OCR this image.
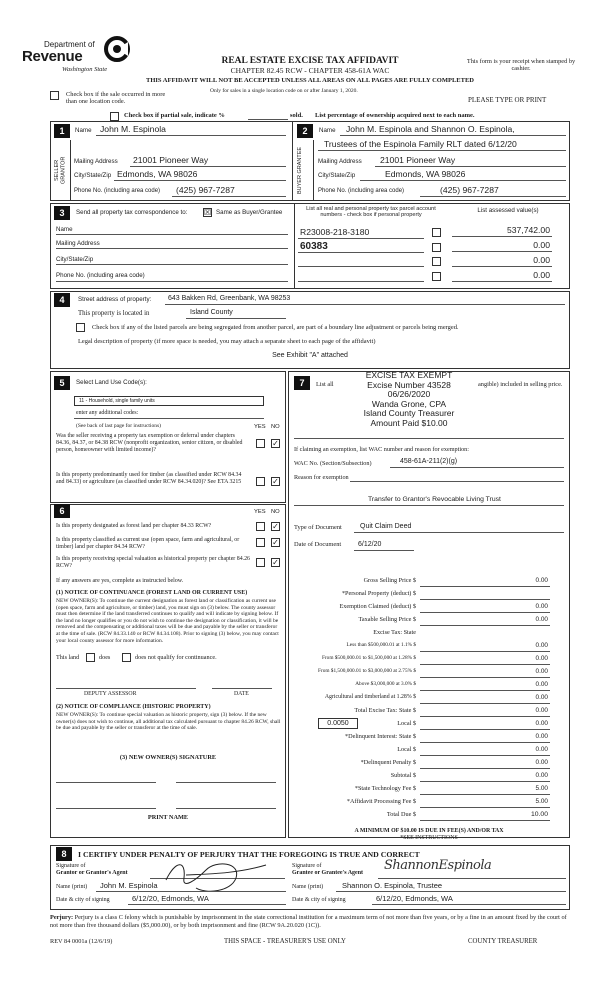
Department of
Revenue
Washington State
REAL ESTATE EXCISE TAX AFFIDAVIT
CHAPTER 82.45 RCW - CHAPTER 458-61A WAC
THIS AFFIDAVIT WILL NOT BE ACCEPTED UNLESS ALL AREAS ON ALL PAGES ARE FULLY COMPLETED
This form is your receipt when stamped by cashier.
PLEASE TYPE OR PRINT
Check box if the sale occurred in more than one location code.
Only for sales in a single location code on or after January 1, 2020.
Check box if partial sale, indicate %	sold. List percentage of ownership acquired next to each name.
1	Name John M. Espinola
SELLER GRANTOR Mailing Address 21001 Pioneer Way
City/State/Zip Edmonds, WA 98026
Phone No. (including area code) (425) 967-7287
2	Name John M. Espinola and Shannon O. Espinola,
Trustees of the Espinola Family RLT dated 6/12/20
BUYER GRANTEE	Mailing Address 21001 Pioneer Way
City/State/Zip	Edmonds, WA 98026
Phone No. (including area code)	(425) 967-7287
3	Send all property tax correspondence to: ☒ Same as Buyer/Grantee	List all real and personal property tax parcel account numbers - check box if personal property
List assessed value(s)
Name
Mailing Address
City/State/Zip
Phone No. (including area code)
R23008-218-3180	537,742.00
60383	0.00
0.00
0.00
4	Street address of property: 643 Bakken Rd, Greenbank, WA 98253
This property is located in	Island County
Check box if any of the listed parcels are being segregated from another parcel, are part of a boundary line adjustment or parcels being merged.
Legal description of property (if more space is needed, you may attach a separate sheet to each page of the affidavit)
See Exhibit "A" attached
5	Select Land Use Code(s):
11 - Household, single family units
enter any additional codes:
(See back of last page for instructions)	YES NO
Was the seller receiving a property tax exemption or deferral under chapters 84.36, 84.37, or 84.38 RCW (nonprofit organization, senior citizen, or disabled person, homeowner with limited income)?
✓
Is this property predominantly used for timber (as classified under RCW 84.34 and 84.33) or agriculture (as classified under RCW 84.34.020)? See ETA 3215	✓
6	YES NO
Is this property designated as forest land per chapter 84.33 RCW?	✓
Is this property classified as current use (open space, farm and agricultural, or timber) land per chapter 84.34 RCW?	✓
Is this property receiving special valuation as historical property per chapter 84.26 RCW?	✓
If any answers are yes, complete as instructed below.
(1) NOTICE OF CONTINUANCE (FOREST LAND OR CURRENT USE)
NEW OWNER(S): To continue the current designation as forest land or classification as current use (open space, farm and agriculture, or timber) land, you must sign on (3) below. The county assessor must then determine if the land transferred continues to qualify and will indicate by signing below. If the land no longer qualifies or you do not wish to continue the designation or classification, it will be removed and the compensating or additional taxes will be due and payable by the seller or transferor at the time of sale. (RCW 84.33.140 or RCW 84.34.108). Prior to signing (3) below, you may contact your local county assessor for more information.
This land	does	does not qualify for continuance.
DEPUTY ASSESSOR	DATE
(2) NOTICE OF COMPLIANCE (HISTORIC PROPERTY)
NEW OWNER(S): To continue special valuation as historic property, sign (3) below. If the new owner(s) does not wish to continue, all additional tax calculated pursuant to chapter 84.26 RCW, shall be due and payable by the seller or transferor at the time of sale.
(3) NEW OWNER(S) SIGNATURE
PRINT NAME
7	List all	angible) included in selling price.
EXCISE TAX EXEMPT
Excise Number 43528
06/26/2020
Wanda Grone, CPA
Island County Treasurer
Amount Paid $10.00
If claiming an exemption, list WAC number and reason for exemption:
WAC No. (Section/Subsection)	458-61A-211(2)(g)
Reason for exemption
Transfer to Grantor's Revocable Living Trust
Type of Document	Quit Claim Deed
Date of Document 6/12/20
Gross Selling Price $	0.00
*Personal Property (deduct) $
Exemption Claimed (deduct) $	0.00
Taxable Selling Price $	0.00
Excise Tax: State
Less than $500,000.01 at 1.1% $	0.00
From $500,000.01 to $1,500,000 at 1.28% $	0.00
From $1,500,000.01 to $3,000,000 at 2.75% $	0.00
Above $3,000,000 at 3.0% $	0.00
Agricultural and timberland at 1.28% $	0.00
Total Excise Tax: State $	0.00
0.0050	Local $	0.00
*Delinquent Interest: State $	0.00
Local $	0.00
*Delinquent Penalty $	0.00
Subtotal $	0.00
*State Technology Fee $	5.00
*Affidavit Processing Fee $	5.00
Total Due $	10.00
A MINIMUM OF $10.00 IS DUE IN FEE(S) AND/OR TAX
*SEE INSTRUCTIONS
8	I CERTIFY UNDER PENALTY OF PERJURY THAT THE FOREGOING IS TRUE AND CORRECT
Signature of
Grantor or Grantor's Agent
Name (print) John M. Espinola
Date & city of signing	6/12/20, Edmonds, WA
Signature of
Grantee or Grantee's Agent ShannonEspinola
Name (print)	Shannon O. Espinola, Trustee
Date & city of signing	6/12/20, Edmonds, WA
Perjury: Perjury is a class C felony which is punishable by imprisonment in the state correctional institution for a maximum term of not more than five years, or by a fine in an amount fixed by the court of not more than five thousand dollars ($5,000.00), or by both imprisonment and fine (RCW 9A.20.020 (1C)).
REV 84 0001a (12/6/19)	THIS SPACE - TREASURER'S USE ONLY	COUNTY TREASURER
